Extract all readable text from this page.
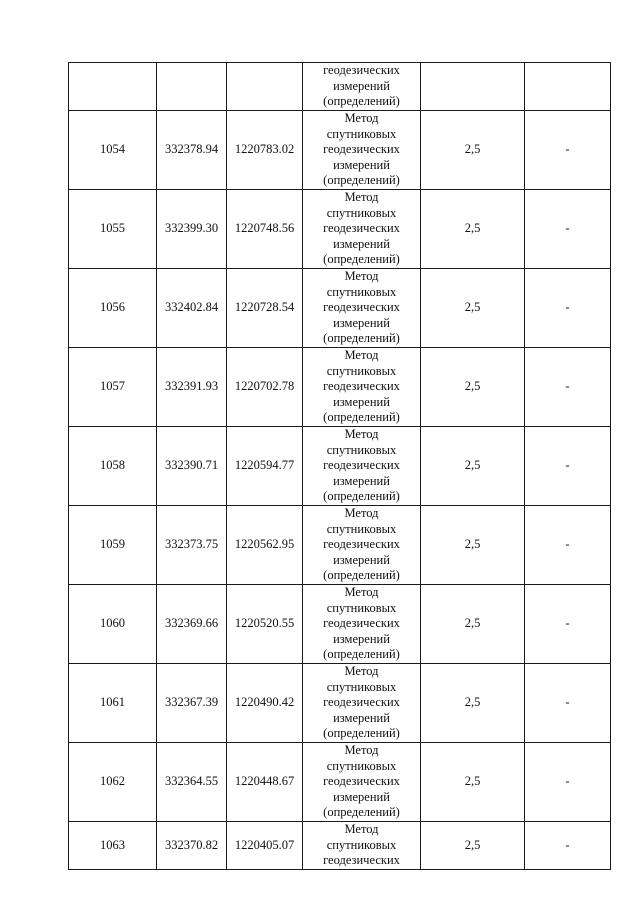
			геодезических
измерений
(определений)		

1054	332378.94	1220783.02	Метод
спутниковых
геодезических
измерений
(определений)	2,5	-
1055	332399.30	1220748.56	Метод
спутниковых
геодезических
измерений
(определений)	2,5	-
1056	332402.84	1220728.54	Метод
спутниковых
геодезических
измерений
(определений)	2,5	-
1057	332391.93	1220702.78	Метод
спутниковых
геодезических
измерений
(определений)	2,5	-
1058	332390.71	1220594.77	Метод
спутниковых
геодезических
измерений
(определений)	2,5	-
1059	332373.75	1220562.95	Метод
спутниковых
геодезических
измерений
(определений)	2,5	-
1060	332369.66	1220520.55	Метод
спутниковых
геодезических
измерений
(определений)	2,5	-
1061	332367.39	1220490.42	Метод
спутниковых
геодезических
измерений
(определений)	2,5	-
1062	332364.55	1220448.67	Метод
спутниковых
геодезических
измерений
(определений)	2,5	-
1063	332370.82	1220405.07	Метод
спутниковых
геодезических	2,5	-
